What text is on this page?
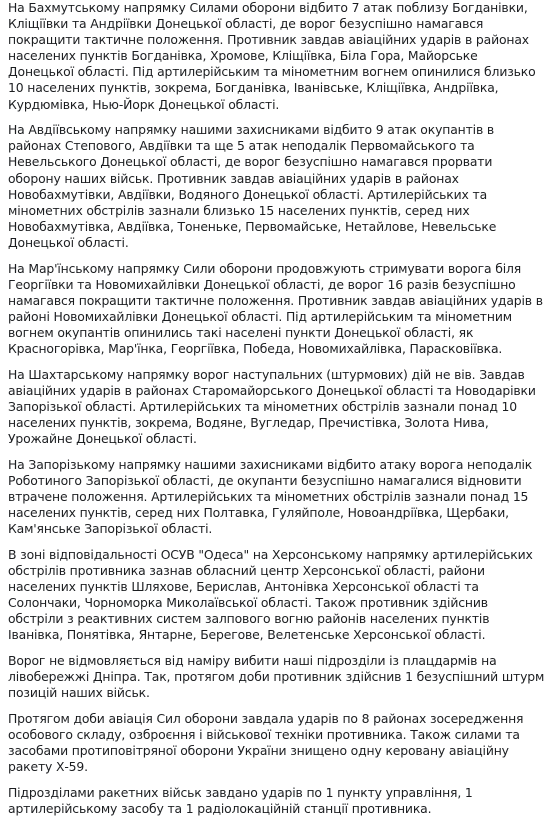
На Бахмутському напрямку Силами оборони відбито 7 атак поблизу Богданівки, Кліщіївки та Андріївки Донецької області, де ворог безуспішно намагався покращити тактичне положення. Противник завдав авіаційних ударів в районах населених пунктів Богданівка, Хромове, Кліщіївка, Біла Гора, Майорське Донецької області. Під артилерійським та мінометним вогнем опинилися близько 10 населених пунктів, зокрема, Богданівка, Іванівське, Кліщіївка, Андріївка, Курдюмівка, Нью-Йорк Донецької області.

На Авдіївському напрямку нашими захисниками відбито 9 атак окупантів в районах Степового, Авдіївки та ще 5 атак неподалік Первомайського та Невельського Донецької області, де ворог безуспішно намагався прорвати оборону наших військ. Противник завдав авіаційних ударів в районах Новобахмутівки, Авдіївки, Водяного Донецької області. Артилерійських та мінометних обстрілів зазнали близько 15 населених пунктів, серед них Новобахмутівка, Авдіївка, Тоненьке, Первомайське, Нетайлове, Невельське Донецької області.

На Мар'їнському напрямку Сили оборони продовжують стримувати ворога біля Георгіївки та Новомихайлівки Донецької області, де ворог 16 разів безуспішно намагався покращити тактичне положення. Противник завдав авіаційних ударів в районі Новомихайлівки Донецької області. Під артилерійським та мінометним вогнем окупантів опинились такі населені пункти Донецької області, як Красногорівка, Мар'їнка, Георгіївка, Победа, Новомихайлівка, Парасковіївка.

На Шахтарському напрямку ворог наступальних (штурмових) дій не вів. Завдав авіаційних ударів в районах Старомайорського Донецької області та Новодарівки Запорізької області. Артилерійських та мінометних обстрілів зазнали понад 10 населених пунктів, зокрема, Водяне, Вугледар, Пречистівка, Золота Нива, Урожайне Донецької області.

На Запорізькому напрямку нашими захисниками відбито атаку ворога неподалік Роботиного Запорізької області, де окупанти безуспішно намагалися відновити втрачене положення. Артилерійських та мінометних обстрілів зазнали понад 15 населених пунктів, серед них Полтавка, Гуляйполе, Новоандріївка, Щербаки, Кам'янське Запорізької області.

В зоні відповідальності ОСУВ "Одеса" на Херсонському напрямку артилерійських обстрілів противника зазнав обласний центр Херсонської області, райони населених пунктів Шляхове, Берислав, Антонівка Херсонської області та Солончаки, Чорноморка Миколаївської області. Також противник здійснив обстріли з реактивних систем залпового вогню районів населених пунктів Іванівка, Понятівка, Янтарне, Берегове, Велетенське Херсонської області.

Ворог не відмовляється від наміру вибити наші підрозділи із плацдармів на лівобережжі Дніпра. Так, протягом доби противник здійснив 1 безуспішний штурм позицій наших військ.

Протягом доби авіація Сил оборони завдала ударів по 8 районах зосередження особового складу, озброєння і військової техніки противника. Також силами та засобами протиповітряної оборони України знищено одну керовану авіаційну ракету Х-59.

Підрозділами ракетних військ завдано ударів по 1 пункту управління, 1 артилерійському засобу та 1 радіолокаційній станції противника.
